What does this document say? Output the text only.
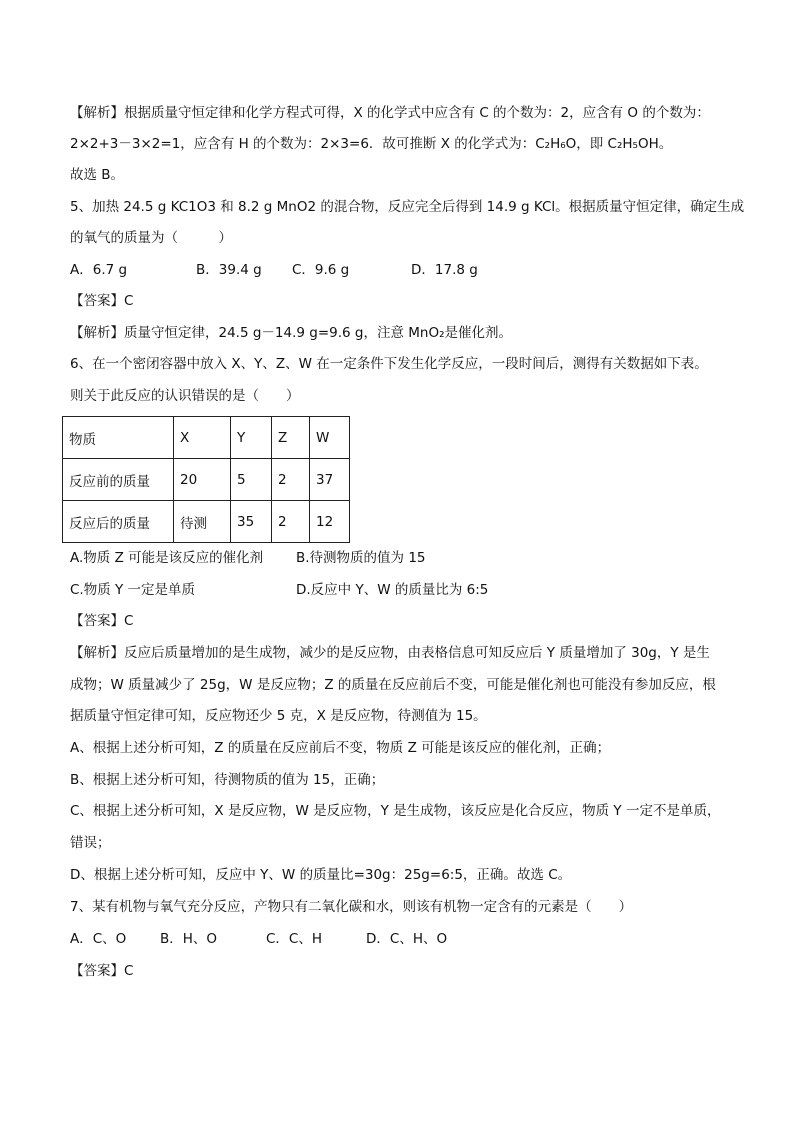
【解析】根据质量守恒定律和化学方程式可得，X 的化学式中应含有 C 的个数为：2，应含有 O 的个数为：
2×2+3－3×2=1，应含有 H 的个数为：2×3=6．故可推断 X 的化学式为：C₂H₆O，即 C₂H₅OH。
故选 B。
5、加热 24.5 g KC1O3 和 8.2 g MnO2 的混合物，反应完全后得到 14.9 g KCl。根据质量守恒定律，确定生成
的氧气的质量为（　　　）
A．6.7 g	B．39.4 g C．9.6 g	D．17.8 g
【答案】C
【解析】质量守恒定律，24.5 g－14.9 g=9.6 g，注意 MnO₂是催化剂。
6、在一个密闭容器中放入 X、Y、Z、W 在一定条件下发生化学反应，一段时间后，测得有关数据如下表。
则关于此反应的认识错误的是（　　）
物质	X	Y	Z	W
反应前的质量	20	5	2	37
反应后的质量	待测	35	2	12
A.物质 Z 可能是该反应的催化剂 B.待测物质的值为 15
C.物质 Y 一定是单质	D.反应中 Y、W 的质量比为 6:5
【答案】C
【解析】反应后质量增加的是生成物，减少的是反应物，由表格信息可知反应后 Y 质量增加了 30g，Y 是生
成物；W 质量减少了 25g，W 是反应物；Z 的质量在反应前后不变，可能是催化剂也可能没有参加反应，根
据质量守恒定律可知，反应物还少 5 克，X 是反应物，待测值为 15。
A、根据上述分析可知，Z 的质量在反应前后不变，物质 Z 可能是该反应的催化剂，正确；
B、根据上述分析可知，待测物质的值为 15，正确；
C、根据上述分析可知，X 是反应物，W 是反应物，Y 是生成物，该反应是化合反应，物质 Y 一定不是单质，
错误；
D、根据上述分析可知，反应中 Y、W 的质量比=30g：25g=6:5，正确。故选 C。
7、某有机物与氧气充分反应，产物只有二氧化碳和水，则该有机物一定含有的元素是（　　）
A．C、O B．H、O	C．C、H	D．C、H、O
【答案】C
